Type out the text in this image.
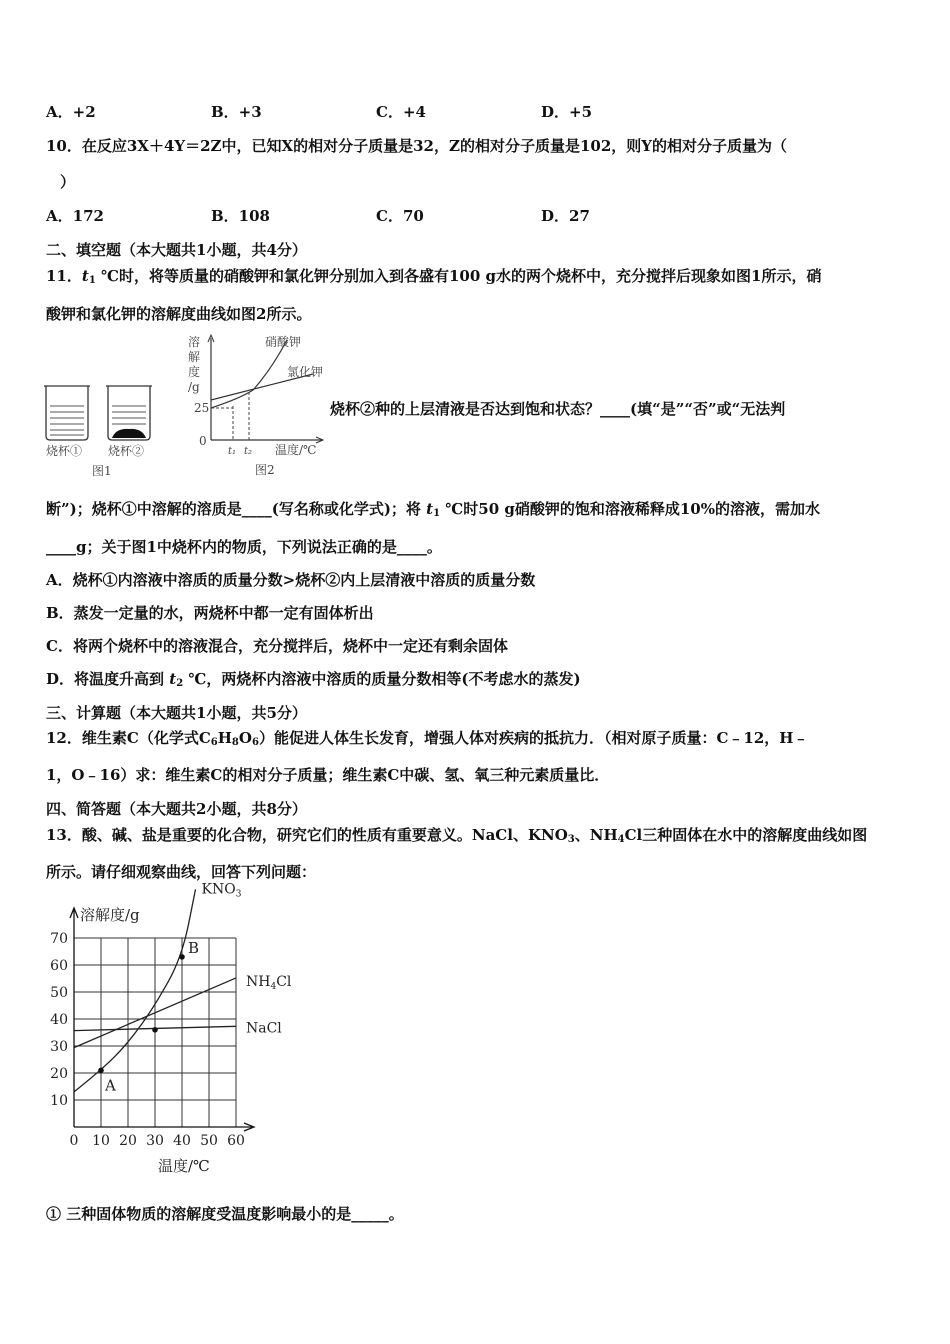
A．+2	B．+3	C．+4	D．+5
10．在反应3X＋4Y＝2Z中，已知X的相对分子质量是32，Z的相对分子质量是102，则Y的相对分子质量为（
）
A．172	B．108	C．70	D．27
二、填空题（本大题共1小题，共4分）
11．$t_1$ ℃时，将等质量的硝酸钾和氯化钾分别加入到各盛有100 g水的两个烧杯中，充分搅拌后现象如图1所示，硝
酸钾和氯化钾的溶解度曲线如图2所示。
烧杯① 烧杯②
图1
溶
解
度
/g
硝酸钾
氯化钾
25
0
t₁ t₂ 温度/℃
图2
烧杯②种的上层清液是否达到饱和状态？____(填“是”“否”或“无法判
断”)；烧杯①中溶解的溶质是____(写名称或化学式)；将 $t_1$ ℃时50 g硝酸钾的饱和溶液稀释成10%的溶液，需加水
____g；关于图1中烧杯内的物质，下列说法正确的是____。
A．烧杯①内溶液中溶质的质量分数>烧杯②内上层清液中溶质的质量分数
B．蒸发一定量的水，两烧杯中都一定有固体析出
C．将两个烧杯中的溶液混合，充分搅拌后，烧杯中一定还有剩余固体
D．将温度升高到 $t_2$ ℃，两烧杯内溶液中溶质的质量分数相等(不考虑水的蒸发)
三、计算题（本大题共1小题，共5分）
12．维生素C（化学式$C_6H_8O_6$）能促进人体生长发育，增强人体对疾病的抵抗力．（相对原子质量：C﹣12，H﹣
1，O﹣16）求：维生素C的相对分子质量；维生素C中碳、氢、氧三种元素质量比．
四、简答题（本大题共2小题，共8分）
13．酸、碱、盐是重要的化合物，研究它们的性质有重要意义。NaCl、$KNO_3$、$NH_4Cl$三种固体在水中的溶解度曲线如图
所示。请仔细观察曲线，回答下列问题：
溶解度/g
温度/℃
0 10 20 30 40 50 60
10
20
30
40
50
60
70
A
B
$KNO_3$
$NH_4Cl$
NaCl
① 三种固体物质的溶解度受温度影响最小的是_____。
